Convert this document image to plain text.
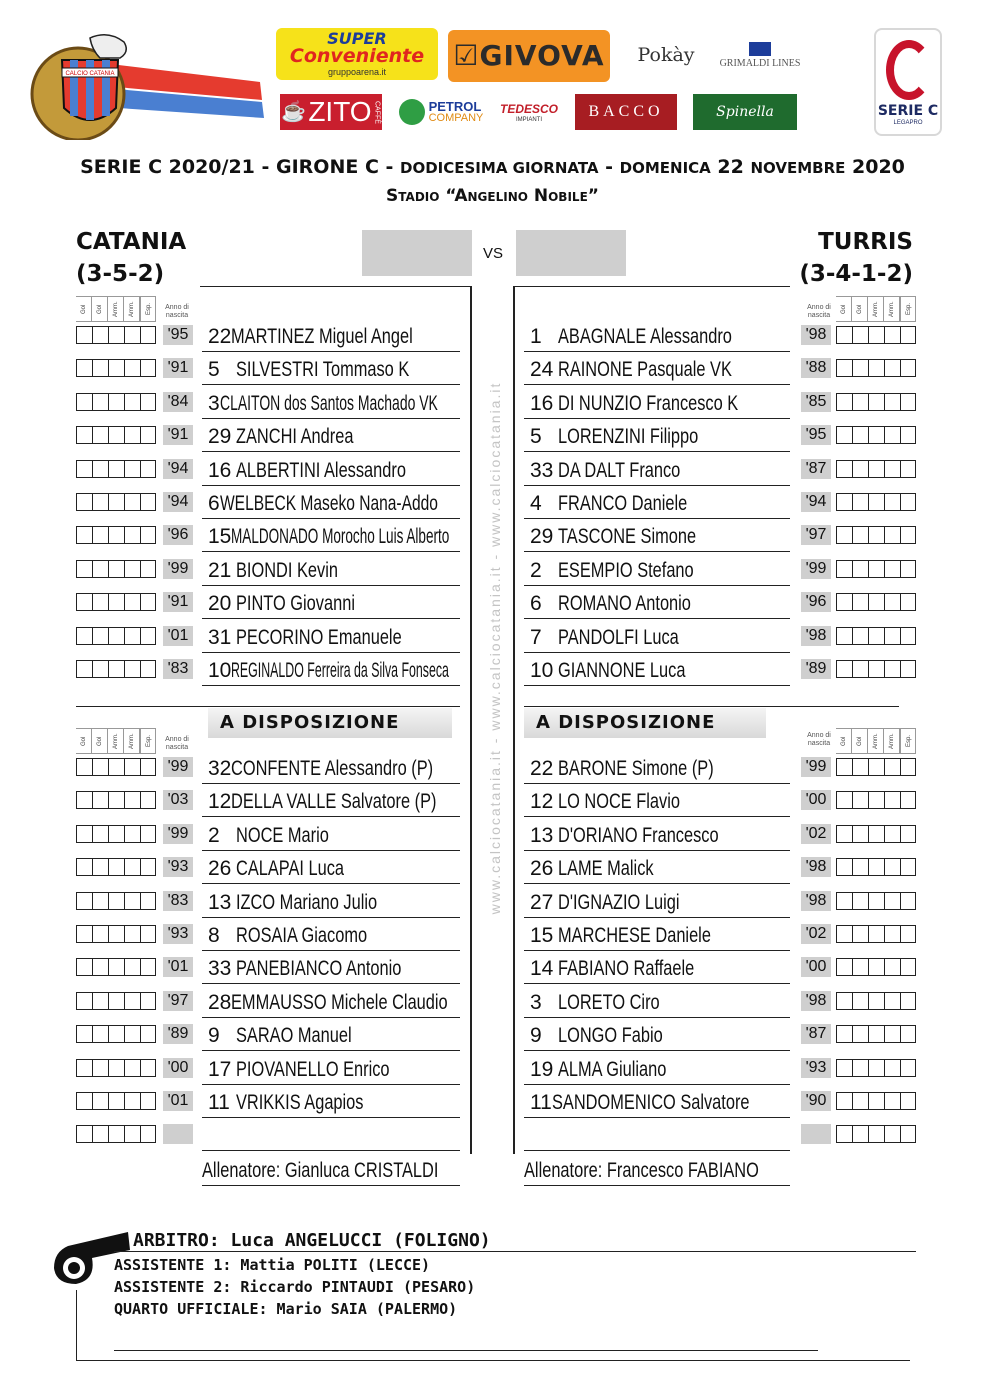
CALCIO CATANIA
SUPER
Conveniente
gruppoarena.it ☑GIVOVA Pokày	GRIMALDI LINES
☕ ZITO CAFFÈ	PETROL
COMPANY
TEDESCO
IMPIANTI	BACCO	Spinella	SERIE C
LEGAPRO
SERIE C 2020/21 - GIRONE C - DODICESIMA GIORNATA - DOMENICA 22 NOVEMBRE 2020
Stadio “Angelino Nobile”
CATANIA
(3-5-2)
TURRIS
(3-4-1-2)
VS
www.calciocatania.it - www.calciocatania.it - www.calciocatania.it
Gol	Gol	Amm.	Amm.	Esp.	Anno di nascita
Gol	Gol	Amm.	Amm.	Esp.
Anno di nascita
Gol	Gol	Amm.	Amm.	Esp.	Anno di nascita
Gol	Gol	Amm.	Amm.	Esp.
Anno di nascita
'95 22 MARTINEZ Miguel Angel
'91 5 SILVESTRI Tommaso K
'84 3 CLAITON dos Santos Machado VK
'91 29 ZANCHI Andrea
'94 16 ALBERTINI Alessandro
'94 6 WELBECK Maseko Nana-Addo
'96 15 MALDONADO Morocho Luis Alberto
'99 21 BIONDI Kevin
'91 20 PINTO Giovanni
'01 31 PECORINO Emanuele
'83 10 REGINALDO Ferreira da Silva Fonseca
'98
1 ABAGNALE Alessandro
'88
24 RAINONE Pasquale VK
'85
16 DI NUNZIO Francesco K
'95
5 LORENZINI Filippo
'87
33 DA DALT Franco
'94
4 FRANCO Daniele
'97
29 TASCONE Simone
'99
2 ESEMPIO Stefano
'96
6 ROMANO Antonio
'98
7 PANDOLFI Luca
'89
10 GIANNONE Luca
'99 32 CONFENTE Alessandro (P)
'03 12 DELLA VALLE Salvatore (P)
'99 2 NOCE Mario
'93 26 CALAPAI Luca
'83 13 IZCO Mariano Julio
'93 8 ROSAIA Giacomo
'01 33 PANEBIANCO Antonio
'97 28 EMMAUSSO Michele Claudio
'89 9 SARAO Manuel
'00 17 PIOVANELLO Enrico
'01 11 VRIKKIS Agapios
'99
22 BARONE Simone (P)
'00
12 LO NOCE Flavio
'02
13 D'ORIANO Francesco
'98
26 LAME Malick
'98
27 D'IGNAZIO Luigi
'02
15 MARCHESE Daniele
'00
14 FABIANO Raffaele
'98
3 LORETO Ciro
'87
9 LONGO Fabio
'93
19 ALMA Giuliano
'90
11 SANDOMENICO Salvatore
A DISPOSIZIONE	A DISPOSIZIONE
Allenatore: Gianluca CRISTALDI	Allenatore: Francesco FABIANO
ARBITRO: Luca ANGELUCCI (FOLIGNO)
ASSISTENTE 1: Mattia POLITI (LECCE)
ASSISTENTE 2: Riccardo PINTAUDI (PESARO)
QUARTO UFFICIALE: Mario SAIA (PALERMO)
